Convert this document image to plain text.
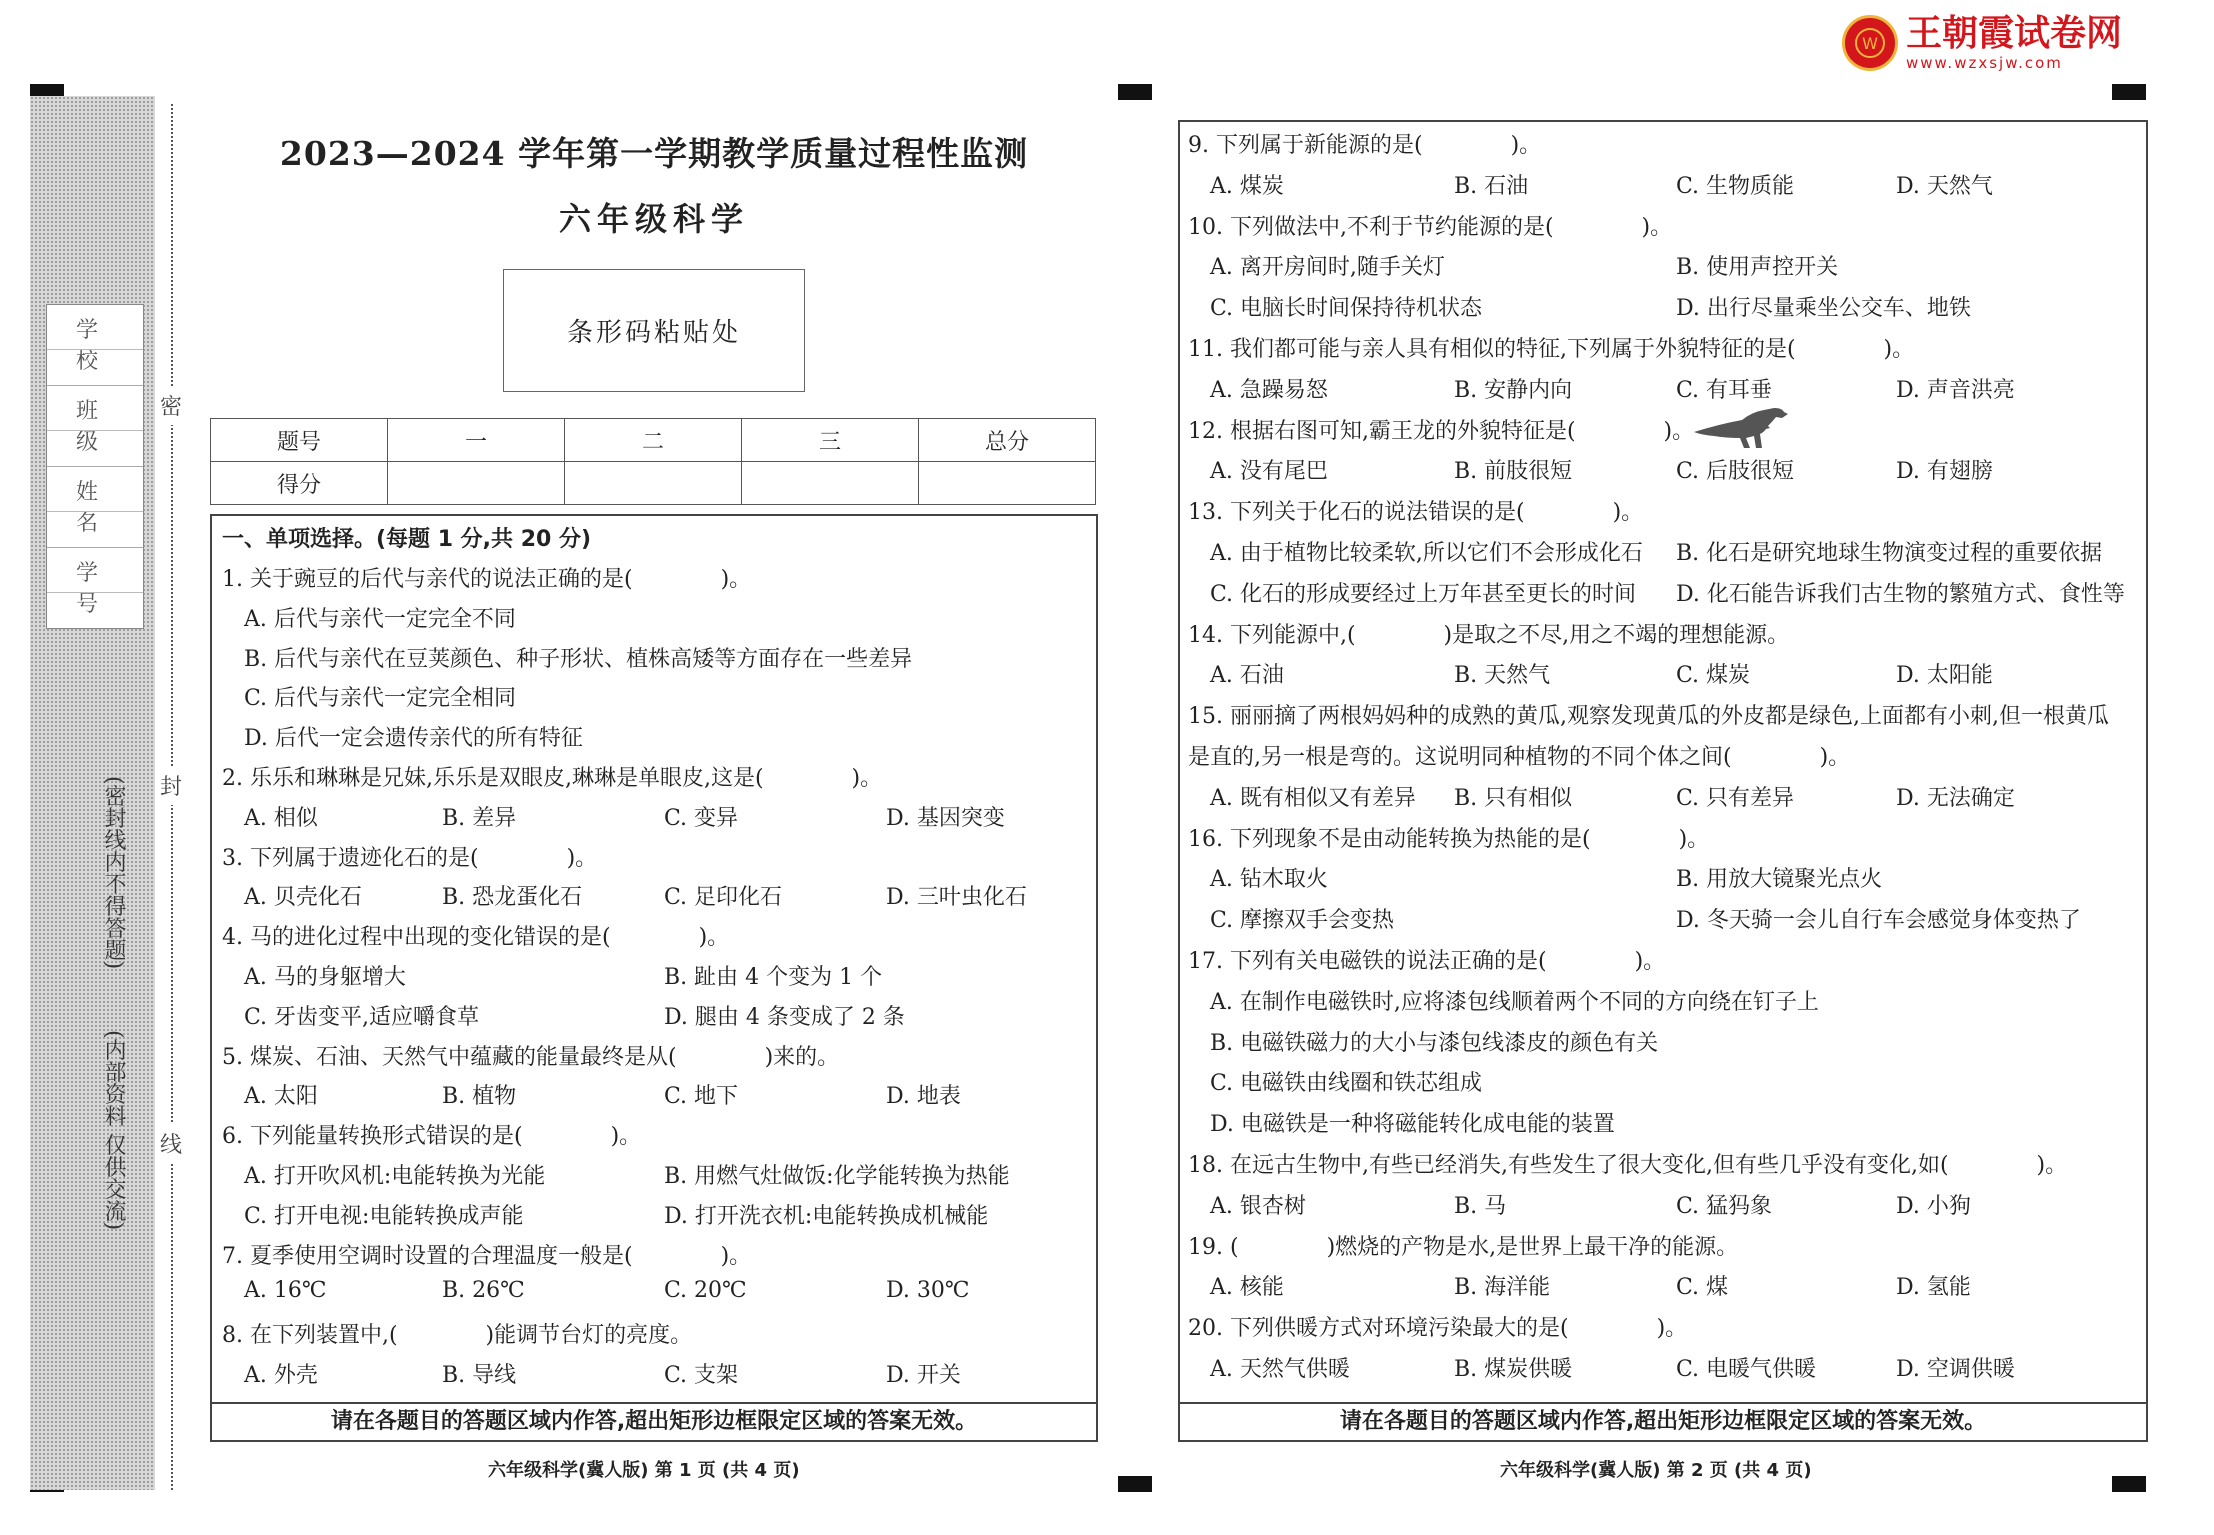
W 王朝霞试卷网
www.wzxsjw.com
学 校
班 级
姓 名
学 号
(密封线内不得答题)
(内部资料 仅供交流)
密
封
线
2023—2024 学年第一学期教学质量过程性监测
六年级科学
条形码粘贴处
题号	一	二	三	总分
得分				
请在各题目的答题区域内作答,超出矩形边框限定区域的答案无效。	请在各题目的答题区域内作答,超出矩形边框限定区域的答案无效。
六年级科学(冀人版) 第 1 页 (共 4 页)	六年级科学(冀人版) 第 2 页 (共 4 页)
一、单项选择。(每题 1 分,共 20 分)
1. 关于豌豆的后代与亲代的说法正确的是(　　　　)。
A. 后代与亲代一定完全不同
B. 后代与亲代在豆荚颜色、种子形状、植株高矮等方面存在一些差异
C. 后代与亲代一定完全相同
D. 后代一定会遗传亲代的所有特征
2. 乐乐和琳琳是兄妹,乐乐是双眼皮,琳琳是单眼皮,这是(　　　　)。
A. 相似	B. 差异	C. 变异	D. 基因突变
3. 下列属于遗迹化石的是(　　　　)。
A. 贝壳化石	B. 恐龙蛋化石	C. 足印化石	D. 三叶虫化石
4. 马的进化过程中出现的变化错误的是(　　　　)。
A. 马的身躯增大	B. 趾由 4 个变为 1 个
C. 牙齿变平,适应嚼食草	D. 腿由 4 条变成了 2 条
5. 煤炭、石油、天然气中蕴藏的能量最终是从(　　　　)来的。
A. 太阳	B. 植物	C. 地下	D. 地表
6. 下列能量转换形式错误的是(　　　　)。
A. 打开吹风机:电能转换为光能	B. 用燃气灶做饭:化学能转换为热能
C. 打开电视:电能转换成声能	D. 打开洗衣机:电能转换成机械能
7. 夏季使用空调时设置的合理温度一般是(　　　　)。
A. 16℃	B. 26℃	C. 20℃	D. 30℃
8. 在下列装置中,(　　　　)能调节台灯的亮度。
A. 外壳	B. 导线	C. 支架	D. 开关
9. 下列属于新能源的是(　　　　)。
A. 煤炭	B. 石油	C. 生物质能	D. 天然气
10. 下列做法中,不利于节约能源的是(　　　　)。
A. 离开房间时,随手关灯	B. 使用声控开关
C. 电脑长时间保持待机状态	D. 出行尽量乘坐公交车、地铁
11. 我们都可能与亲人具有相似的特征,下列属于外貌特征的是(　　　　)。
A. 急躁易怒	B. 安静内向	C. 有耳垂	D. 声音洪亮
12. 根据右图可知,霸王龙的外貌特征是(　　　　)。
A. 没有尾巴	B. 前肢很短	C. 后肢很短	D. 有翅膀
13. 下列关于化石的说法错误的是(　　　　)。
A. 由于植物比较柔软,所以它们不会形成化石 B. 化石是研究地球生物演变过程的重要依据
C. 化石的形成要经过上万年甚至更长的时间 D. 化石能告诉我们古生物的繁殖方式、食性等
14. 下列能源中,(　　　　)是取之不尽,用之不竭的理想能源。
A. 石油	B. 天然气	C. 煤炭	D. 太阳能
15. 丽丽摘了两根妈妈种的成熟的黄瓜,观察发现黄瓜的外皮都是绿色,上面都有小刺,但一根黄瓜
是直的,另一根是弯的。这说明同种植物的不同个体之间(　　　　)。
A. 既有相似又有差异 B. 只有相似	C. 只有差异	D. 无法确定
16. 下列现象不是由动能转换为热能的是(　　　　)。
A. 钻木取火	B. 用放大镜聚光点火
C. 摩擦双手会变热	D. 冬天骑一会儿自行车会感觉身体变热了
17. 下列有关电磁铁的说法正确的是(　　　　)。
A. 在制作电磁铁时,应将漆包线顺着两个不同的方向绕在钉子上
B. 电磁铁磁力的大小与漆包线漆皮的颜色有关
C. 电磁铁由线圈和铁芯组成
D. 电磁铁是一种将磁能转化成电能的装置
18. 在远古生物中,有些已经消失,有些发生了很大变化,但有些几乎没有变化,如(　　　　)。
A. 银杏树	B. 马	C. 猛犸象	D. 小狗
19. (　　　　)燃烧的产物是水,是世界上最干净的能源。
A. 核能	B. 海洋能	C. 煤	D. 氢能
20. 下列供暖方式对环境污染最大的是(　　　　)。
A. 天然气供暖	B. 煤炭供暖	C. 电暖气供暖	D. 空调供暖
